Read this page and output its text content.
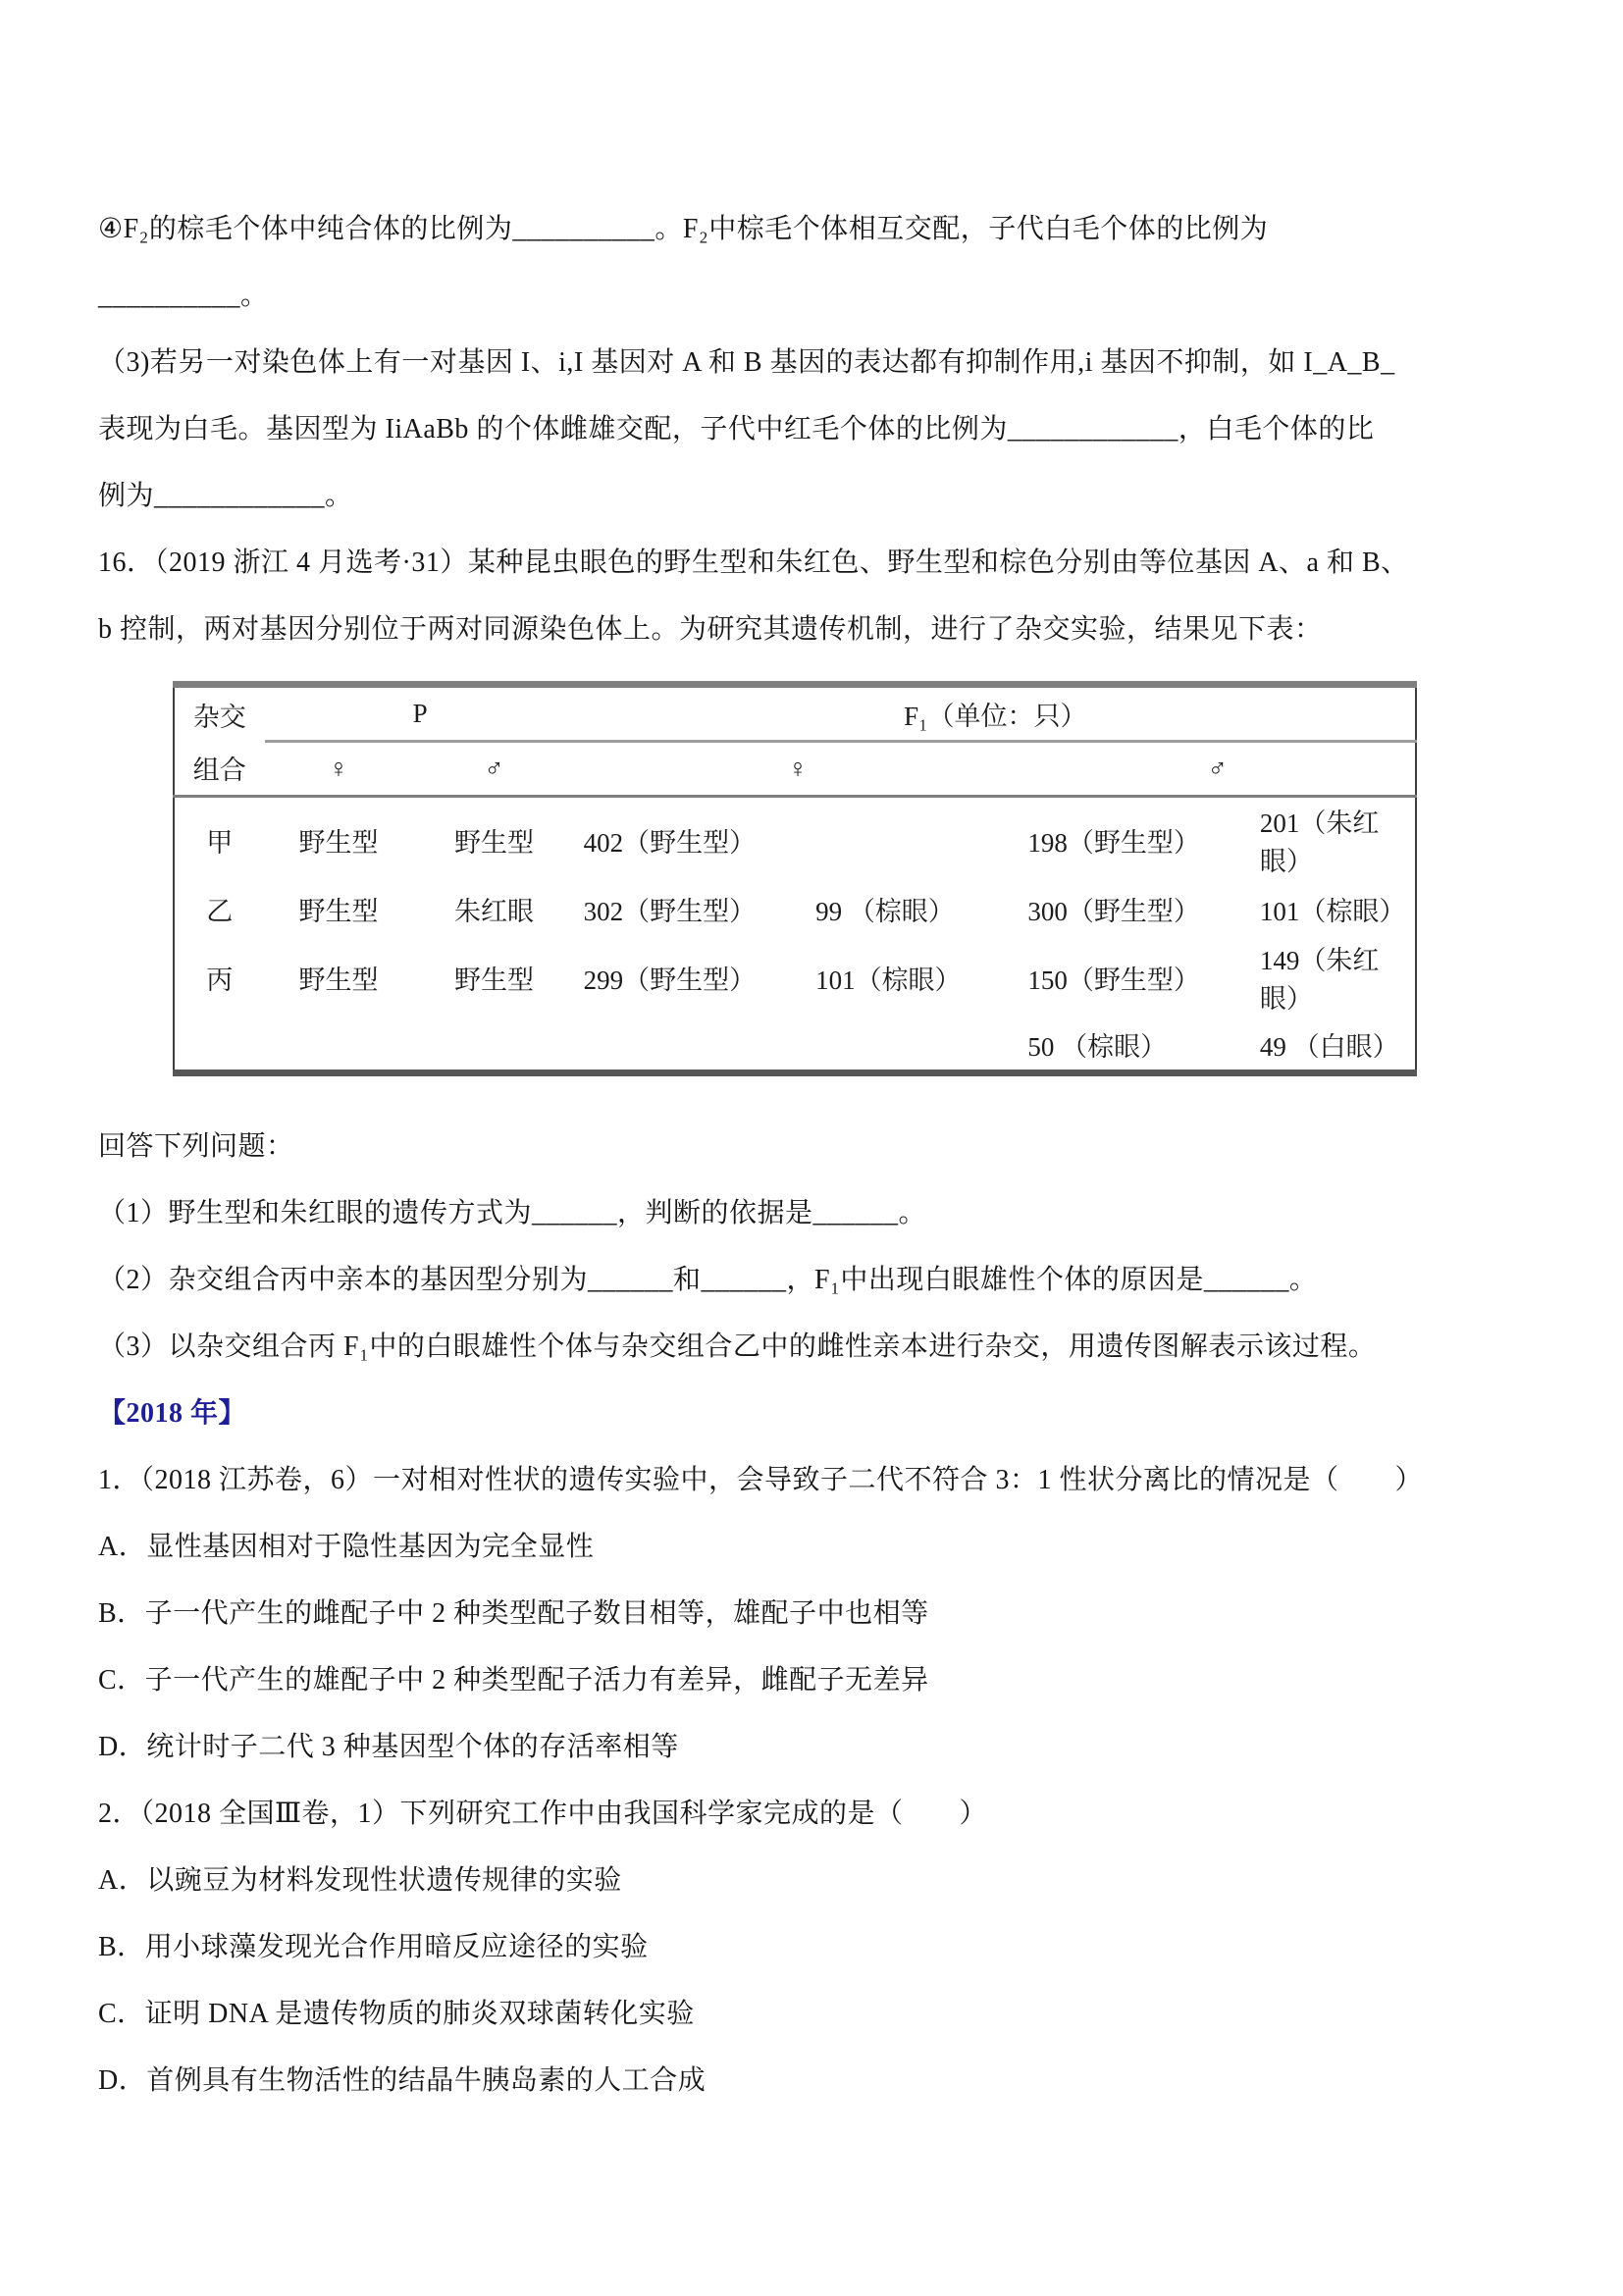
④F₂的棕毛个体中纯合体的比例为__________。F₂中棕毛个体相互交配，子代白毛个体的比例为

__________。

（3)若另一对染色体上有一对基因 I、i,I 基因对 A 和 B 基因的表达都有抑制作用,i 基因不抑制，如 I_A_B_

表现为白毛。基因型为 IiAaBb 的个体雌雄交配，子代中红毛个体的比例为____________，白毛个体的比

例为____________。

16．（2019 浙江 4 月选考·31）某种昆虫眼色的野生型和朱红色、野生型和棕色分别由等位基因 A、a 和 B、

b 控制，两对基因分别位于两对同源染色体上。为研究其遗传机制，进行了杂交实验，结果见下表：

杂交	P		F₁（单位：只）			
组合	♀	♂	♀		♂	
甲	野生型	野生型	402（野生型）		198（野生型）	201（朱红眼）
乙	野生型	朱红眼	302（野生型）	99 （棕眼）	300（野生型）	101（棕眼）
丙	野生型	野生型	299（野生型）	101（棕眼）	150（野生型）	149（朱红眼）
					50 （棕眼）	49 （白眼）

回答下列问题：

（1）野生型和朱红眼的遗传方式为______，判断的依据是______。

（2）杂交组合丙中亲本的基因型分别为______和______，F₁中出现白眼雄性个体的原因是______。

（3）以杂交组合丙 F₁中的白眼雄性个体与杂交组合乙中的雌性亲本进行杂交，用遗传图解表示该过程。

【2018 年】

1．（2018 江苏卷，6）一对相对性状的遗传实验中，会导致子二代不符合 3：1 性状分离比的情况是（　　）

A．显性基因相对于隐性基因为完全显性

B．子一代产生的雌配子中 2 种类型配子数目相等，雄配子中也相等

C．子一代产生的雄配子中 2 种类型配子活力有差异，雌配子无差异

D．统计时子二代 3 种基因型个体的存活率相等

2．（2018 全国Ⅲ卷，1）下列研究工作中由我国科学家完成的是（　　）

A．以豌豆为材料发现性状遗传规律的实验

B．用小球藻发现光合作用暗反应途径的实验

C．证明 DNA 是遗传物质的肺炎双球菌转化实验

D．首例具有生物活性的结晶牛胰岛素的人工合成
